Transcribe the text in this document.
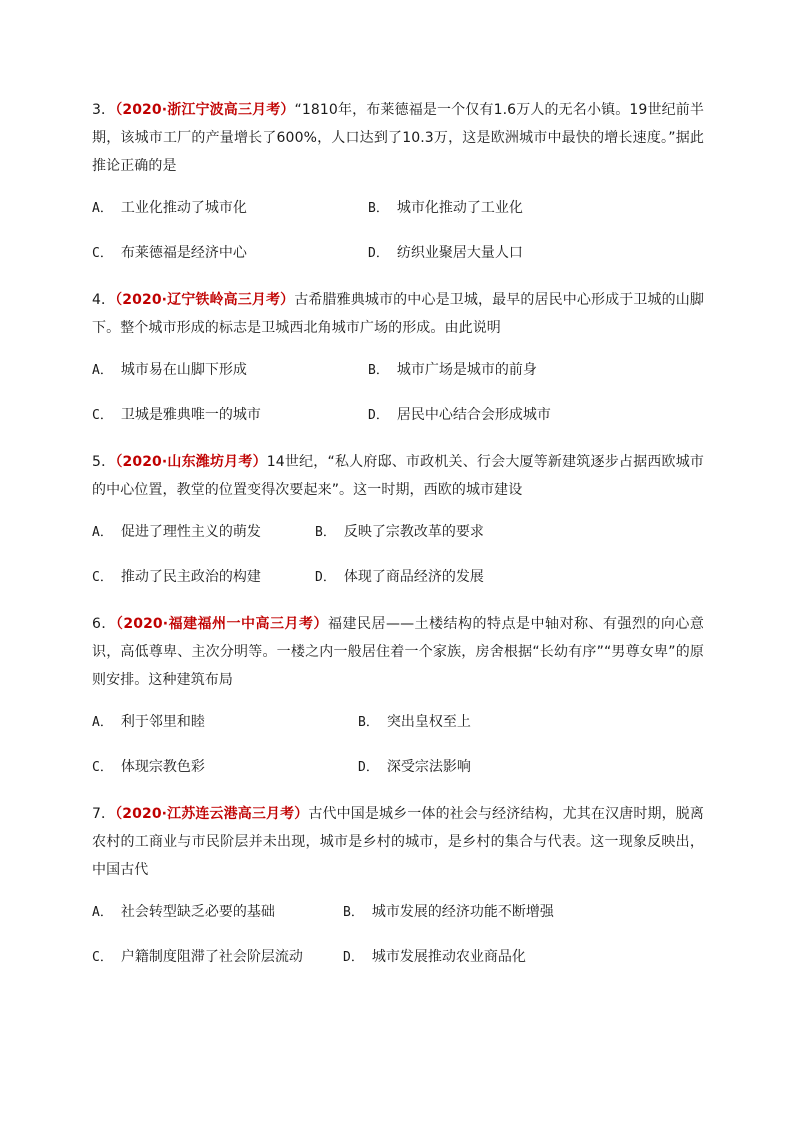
3．（2020·浙江宁波高三月考）“1810年，布莱德福是一个仅有1.6万人的无名小镇。19世纪前半期，该城市工厂的产量增长了600%，人口达到了10.3万，这是欧洲城市中最快的增长速度。”据此推论正确的是
A． 工业化推动了城市化	B． 城市化推动了工业化
C． 布莱德福是经济中心	D． 纺织业聚居大量人口
4．（2020·辽宁铁岭高三月考）古希腊雅典城市的中心是卫城，最早的居民中心形成于卫城的山脚下。整个城市形成的标志是卫城西北角城市广场的形成。由此说明
A． 城市易在山脚下形成	B． 城市广场是城市的前身
C． 卫城是雅典唯一的城市	D． 居民中心结合会形成城市
5．（2020·山东潍坊月考）14世纪，“私人府邸、市政机关、行会大厦等新建筑逐步占据西欧城市的中心位置，教堂的位置变得次要起来”。这一时期，西欧的城市建设
A． 促进了理性主义的萌发	B． 反映了宗教改革的要求
C． 推动了民主政治的构建	D． 体现了商品经济的发展
6．（2020·福建福州一中高三月考）福建民居——土楼结构的特点是中轴对称、有强烈的向心意识，高低尊卑、主次分明等。一楼之内一般居住着一个家族，房舍根据“长幼有序”“男尊女卑”的原则安排。这种建筑布局
A． 利于邻里和睦	B． 突出皇权至上
C． 体现宗教色彩	D． 深受宗法影响
7．（2020·江苏连云港高三月考）古代中国是城乡一体的社会与经济结构，尤其在汉唐时期，脱离农村的工商业与市民阶层并未出现，城市是乡村的城市，是乡村的集合与代表。这一现象反映出，中国古代
A． 社会转型缺乏必要的基础	B． 城市发展的经济功能不断增强
C． 户籍制度阻滞了社会阶层流动	D． 城市发展推动农业商品化
